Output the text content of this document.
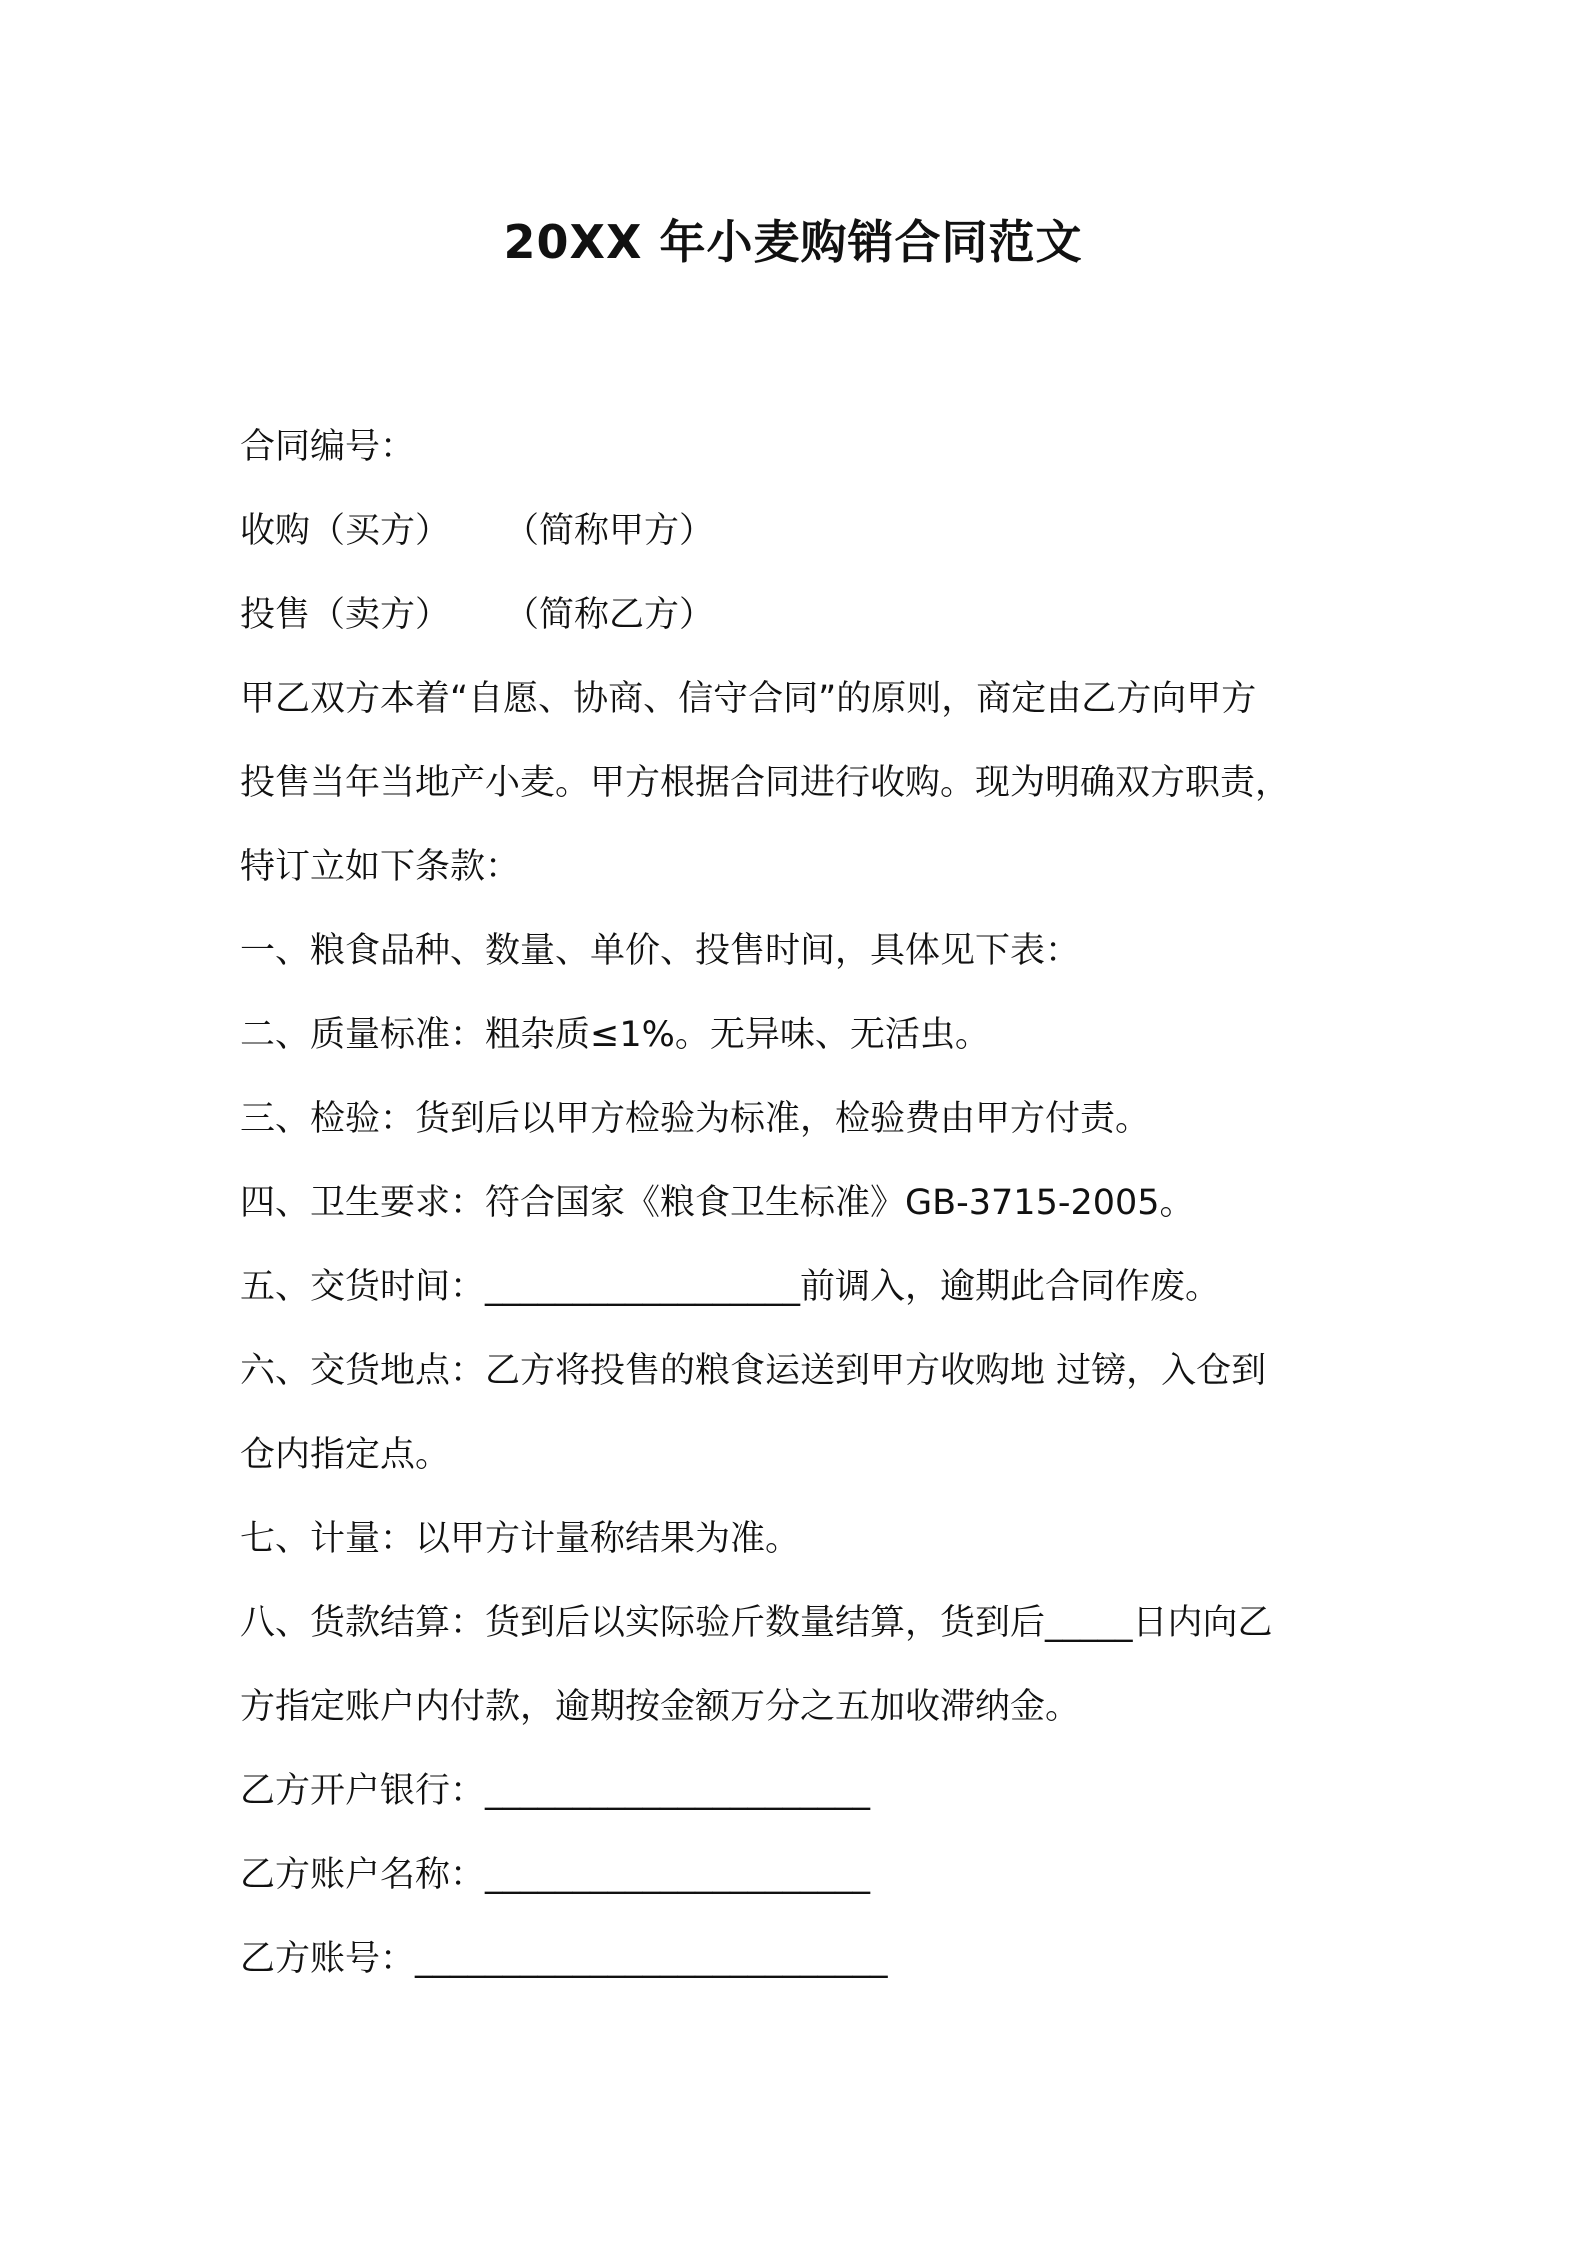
20XX 年小麦购销合同范文
合同编号：
收购（买方） （简称甲方）
投售（卖方） （简称乙方）
甲乙双方本着“自愿、协商、信守合同”的原则，商定由乙方向甲方
投售当年当地产小麦。甲方根据合同进行收购。现为明确双方职责，
特订立如下条款：
一、粮食品种、数量、单价、投售时间，具体见下表：
二、质量标准：粗杂质≤1%。无异味、无活虫。
三、检验：货到后以甲方检验为标准，检验费由甲方付责。
四、卫生要求：符合国家《粮食卫生标准》GB-3715-2005。
五、交货时间：__________________前调入，逾期此合同作废。
六、交货地点：乙方将投售的粮食运送到甲方收购地 过镑，入仓到
仓内指定点。
七、计量：以甲方计量称结果为准。
八、货款结算：货到后以实际验斤数量结算，货到后_____日内向乙
方指定账户内付款，逾期按金额万分之五加收滞纳金。
乙方开户银行：______________________
乙方账户名称：______________________
乙方账号：___________________________
